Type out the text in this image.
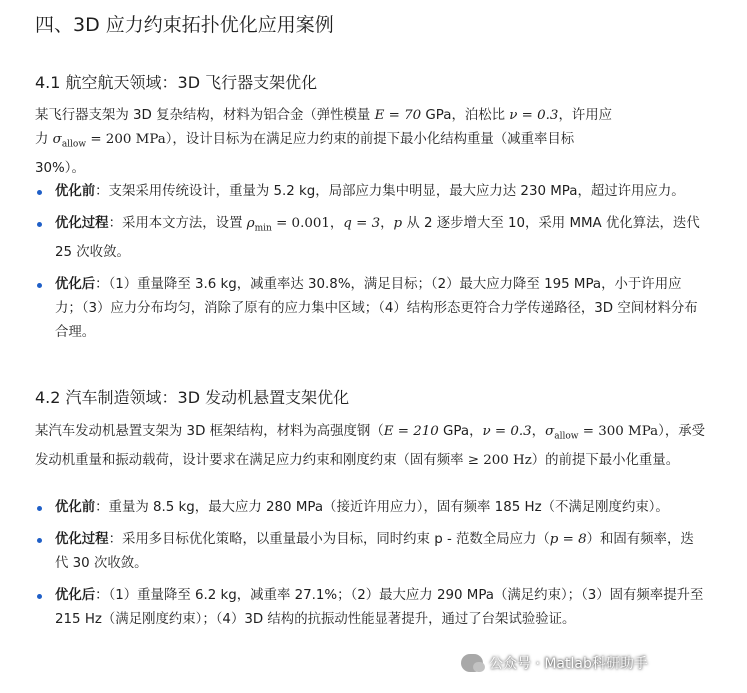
四、3D 应力约束拓扑优化应用案例
4.1 航空航天领域：3D 飞行器支架优化
某飞行器支架为 3D 复杂结构，材料为铝合金（弹性模量 E = 70 GPa，泊松比 ν = 0.3，许用应
力 $\sigma_{allow} = 200$ MPa），设计目标为在满足应力约束的前提下最小化结构重量（减重率目标
30%）。
优化前：支架采用传统设计，重量为 5.2 kg，局部应力集中明显，最大应力达 230 MPa，超过许用应力。
优化过程：采用本文方法，设置 $\rho_{min} = 0.001$，q = 3，p 从 2 逐步增大至 10，采用 MMA 优化算法，迭代 25 次收敛。
优化后：（1）重量降至 3.6 kg，减重率达 30.8%，满足目标；（2）最大应力降至 195 MPa，小于许用应力；（3）应力分布均匀，消除了原有的应力集中区域；（4）结构形态更符合力学传递路径，3D 空间材料分布合理。
4.2 汽车制造领域：3D 发动机悬置支架优化
某汽车发动机悬置支架为 3D 框架结构，材料为高强度钢（E = 210 GPa，ν = 0.3，$\sigma_{allow} = 300$ MPa），承受发动机重量和振动载荷，设计要求在满足应力约束和刚度约束（固有频率 ≥ 200 Hz）的前提下最小化重量。
优化前：重量为 8.5 kg，最大应力 280 MPa（接近许用应力），固有频率 185 Hz（不满足刚度约束）。
优化过程：采用多目标优化策略，以重量最小为目标，同时约束 p - 范数全局应力（p = 8）和固有频率，迭代 30 次收敛。
优化后：（1）重量降至 6.2 kg，减重率 27.1%；（2）最大应力 290 MPa（满足约束）；（3）固有频率提升至 215 Hz（满足刚度约束）；（4）3D 结构的抗振动性能显著提升，通过了台架试验验证。
公众号 · Matlab科研助手
